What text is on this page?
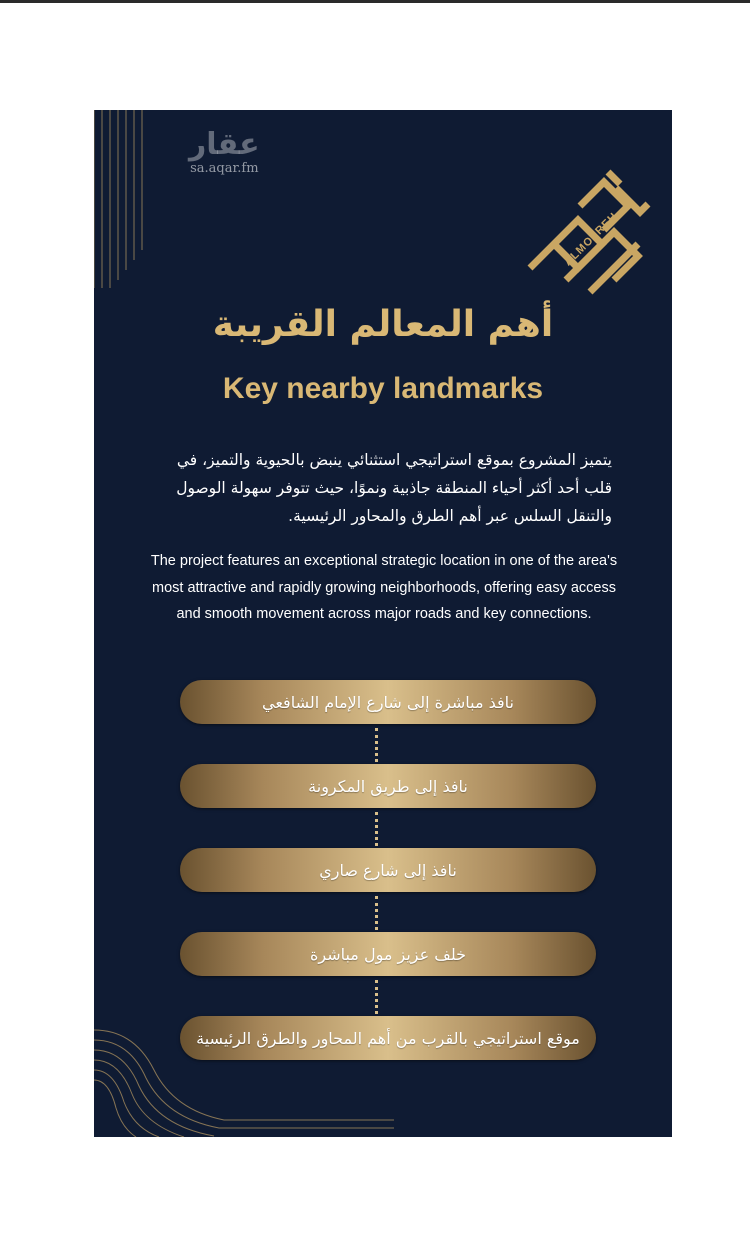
عقار
sa.aqar.fm
ALMOFREH
أهم المعالم القريبة
Key nearby landmarks
يتميز المشروع بموقع استراتيجي استثنائي ينبض بالحيوية والتميز، في قلب أحد أكثر أحياء المنطقة جاذبية ونموًا، حيث تتوفر سهولة الوصول والتنقل السلس عبر أهم الطرق والمحاور الرئيسية.
The project features an exceptional strategic location in one of the area's most attractive and rapidly growing neighborhoods, offering easy access and smooth movement across major roads and key connections.
نافذ مباشرة إلى شارع الإمام الشافعي
نافذ إلى طريق المكرونة
نافذ إلى شارع صاري
خلف عزيز مول مباشرة
موقع استراتيجي بالقرب من أهم المحاور والطرق الرئيسية
